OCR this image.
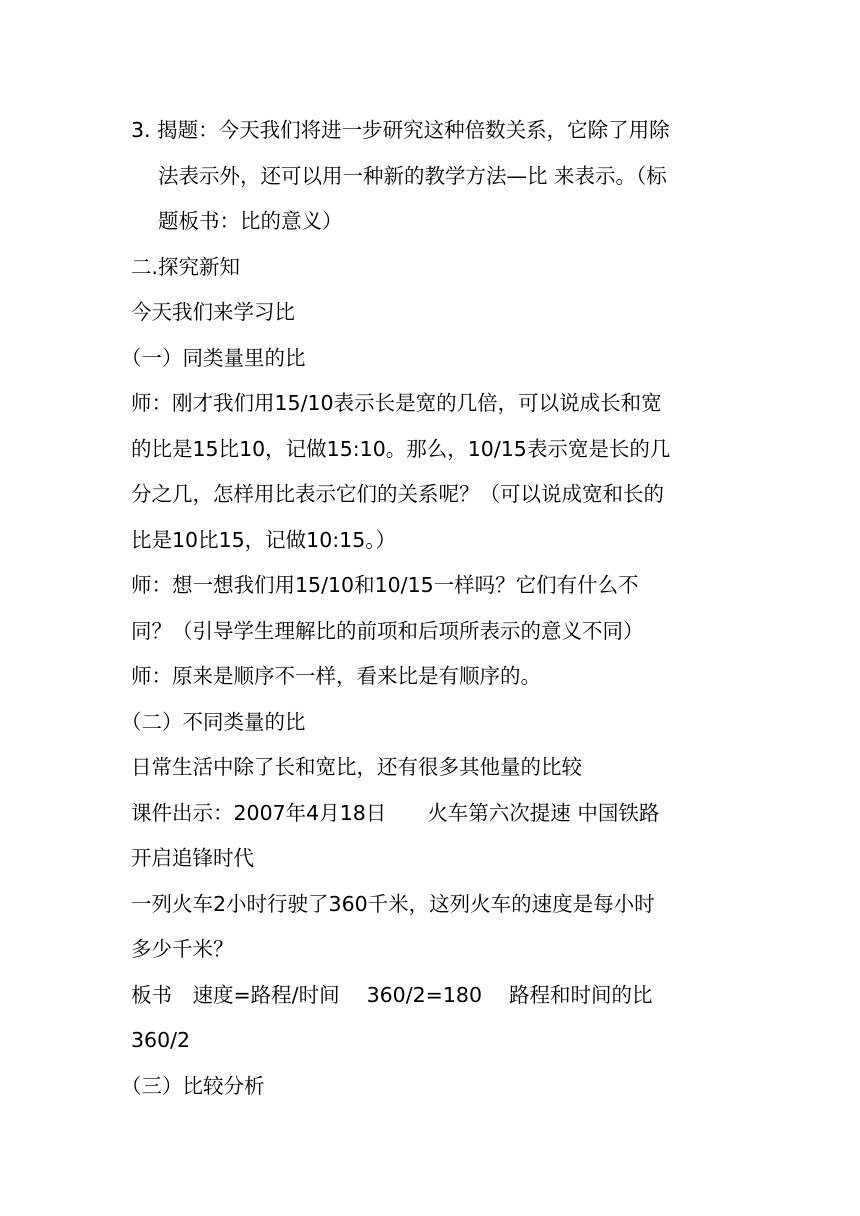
3. 揭题：今天我们将进一步研究这种倍数关系，它除了用除
法表示外，还可以用一种新的教学方法—比 来表示。（标
题板书：比的意义）
二.探究新知
今天我们来学习比
（一）同类量里的比
师：刚才我们用15/10表示长是宽的几倍，可以说成长和宽
的比是15比10，记做15:10。那么，10/15表示宽是长的几
分之几，怎样用比表示它们的关系呢？（可以说成宽和长的
比是10比15，记做10:15。）
师：想一想我们用15/10和10/15一样吗？它们有什么不
同？（引导学生理解比的前项和后项所表示的意义不同）
师：原来是顺序不一样，看来比是有顺序的。
（二）不同类量的比
日常生活中除了长和宽比，还有很多其他量的比较
课件出示：2007年4月18日　　火车第六次提速 中国铁路
开启追锋时代
一列火车2小时行驶了360千米，这列火车的速度是每小时
多少千米？
板书　速度=路程/时间　 360/2=180　 路程和时间的比
360/2
（三）比较分析
